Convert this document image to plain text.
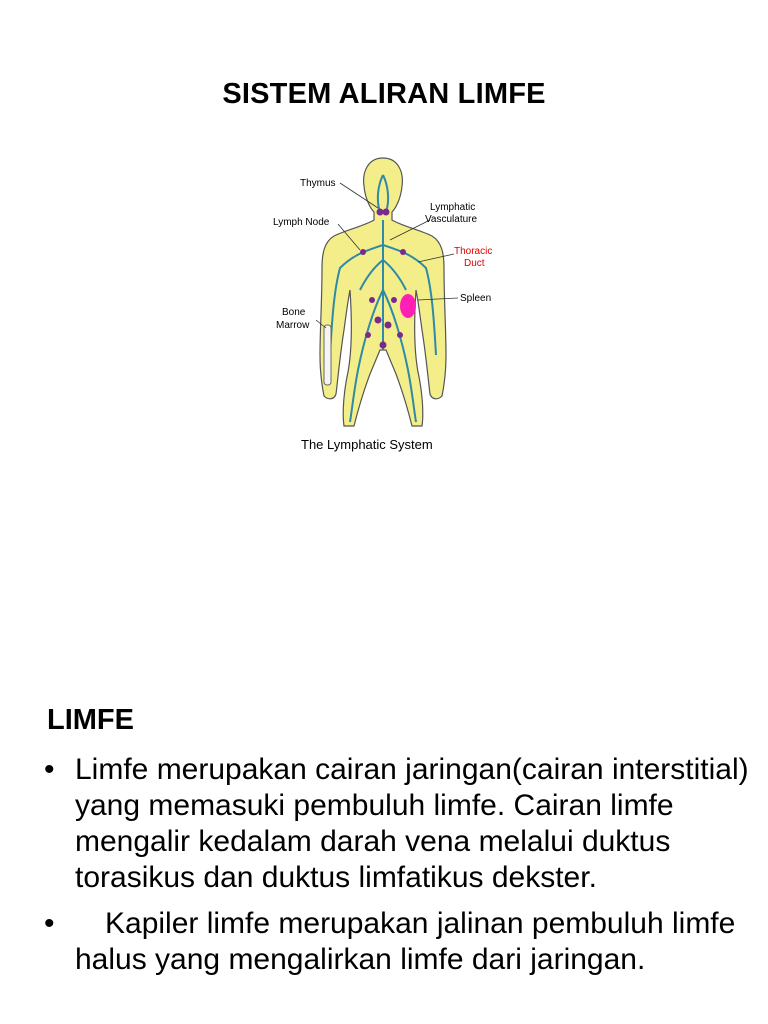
SISTEM ALIRAN LIMFE
Thymus
Lymph Node
Lymphatic
Vasculature
Thoracic
Duct
Spleen
Bone
Marrow
The Lymphatic System
LIMFE
• Limfe merupakan cairan jaringan(cairan interstitial) yang memasuki pembuluh limfe. Cairan limfe mengalir kedalam darah vena melalui duktus torasikus dan duktus limfatikus dekster.
• Kapiler limfe merupakan jalinan pembuluh limfe halus yang mengalirkan limfe dari jaringan.
